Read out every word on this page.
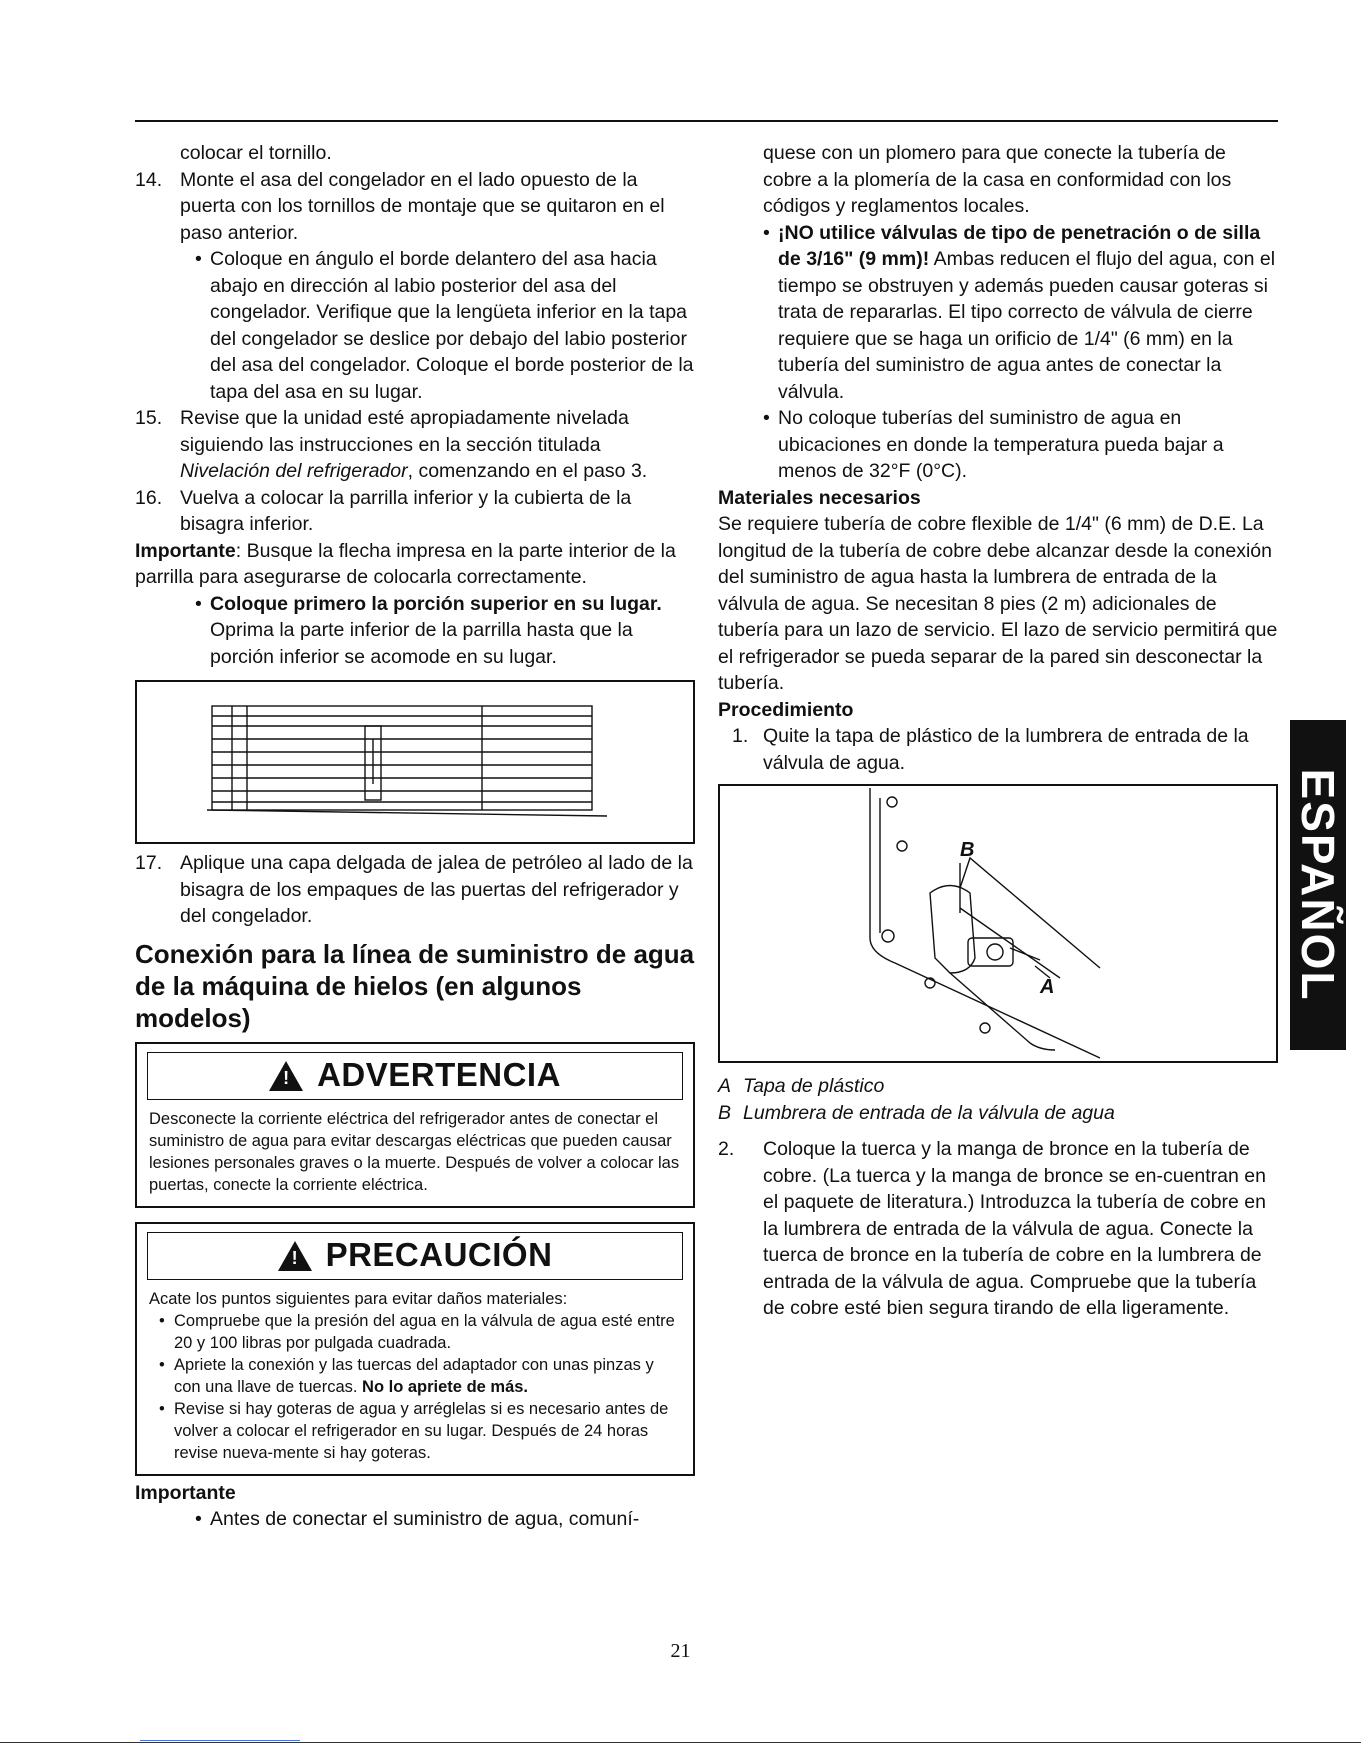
colocar el tornillo.

14. Monte el asa del congelador en el lado opuesto de la puerta con los tornillos de montaje que se quitaron en el paso anterior.
• Coloque en ángulo el borde delantero del asa hacia abajo en dirección al labio posterior del asa del congelador. Verifique que la lengüeta inferior en la tapa del congelador se deslice por debajo del labio posterior del asa del congelador. Coloque el borde posterior de la tapa del asa en su lugar.
15. Revise que la unidad esté apropiadamente nivelada siguiendo las instrucciones en la sección titulada Nivelación del refrigerador, comenzando en el paso 3.
16. Vuelva a colocar la parrilla inferior y la cubierta de la bisagra inferior.

Importante: Busque la flecha impresa en la parte interior de la parrilla para asegurarse de colocarla correctamente.

• Coloque primero la porción superior en su lugar. Oprima la parte inferior de la parrilla hasta que la porción inferior se acomode en su lugar.
17. Aplique una capa delgada de jalea de petróleo al lado de la bisagra de los empaques de las puertas del refrigerador y del congelador.
Conexión para la línea de suministro de agua de la máquina de hielos (en algunos modelos)
! ADVERTENCIA
Desconecte la corriente eléctrica del refrigerador antes de conectar el suministro de agua para evitar descargas eléctricas que pueden causar lesiones personales graves o la muerte. Después de volver a colocar las puertas, conecte la corriente eléctrica.
! PRECAUCIÓN
Acate los puntos siguientes para evitar daños materiales:
• Compruebe que la presión del agua en la válvula de agua esté entre 20 y 100 libras por pulgada cuadrada.
• Apriete la conexión y las tuercas del adaptador con unas pinzas y con una llave de tuercas. No lo apriete de más.
• Revise si hay goteras de agua y arréglelas si es necesario antes de volver a colocar el refrigerador en su lugar. Después de 24 horas revise nueva-mente si hay goteras.

Importante

• Antes de conectar el suministro de agua, comuní-

quese con un plomero para que conecte la tubería de cobre a la plomería de la casa en conformidad con los códigos y reglamentos locales.

• ¡NO utilice válvulas de tipo de penetración o de silla de 3/16" (9 mm)! Ambas reducen el flujo del agua, con el tiempo se obstruyen y además pueden causar goteras si trata de repararlas. El tipo correcto de válvula de cierre requiere que se haga un orificio de 1/4" (6 mm) en la tubería del suministro de agua antes de conectar la válvula.
• No coloque tuberías del suministro de agua en ubicaciones en donde la temperatura pueda bajar a menos de 32°F (0°C).

Materiales necesarios

Se requiere tubería de cobre flexible de 1/4" (6 mm) de D.E. La longitud de la tubería de cobre debe alcanzar desde la conexión del suministro de agua hasta la lumbrera de entrada de la válvula de agua. Se necesitan 8 pies (2 m) adicionales de tubería para un lazo de servicio. El lazo de servicio permitirá que el refrigerador se pueda separar de la pared sin desconectar la tubería.

Procedimiento

1. Quite la tapa de plástico de la lumbrera de entrada de la válvula de agua.
B
A
A Tapa de plástico
B Lumbrera de entrada de la válvula de agua
2.	Coloque la tuerca y la manga de bronce en la tubería de cobre. (La tuerca y la manga de bronce se en-cuentran en el paquete de literatura.) Introduzca la tubería de cobre en la lumbrera de entrada de la válvula de agua. Conecte la tuerca de bronce en la tubería de cobre en la lumbrera de entrada de la válvula de agua. Compruebe que la tubería de cobre esté bien segura tirando de ella ligeramente.
ESPAÑOL
21
